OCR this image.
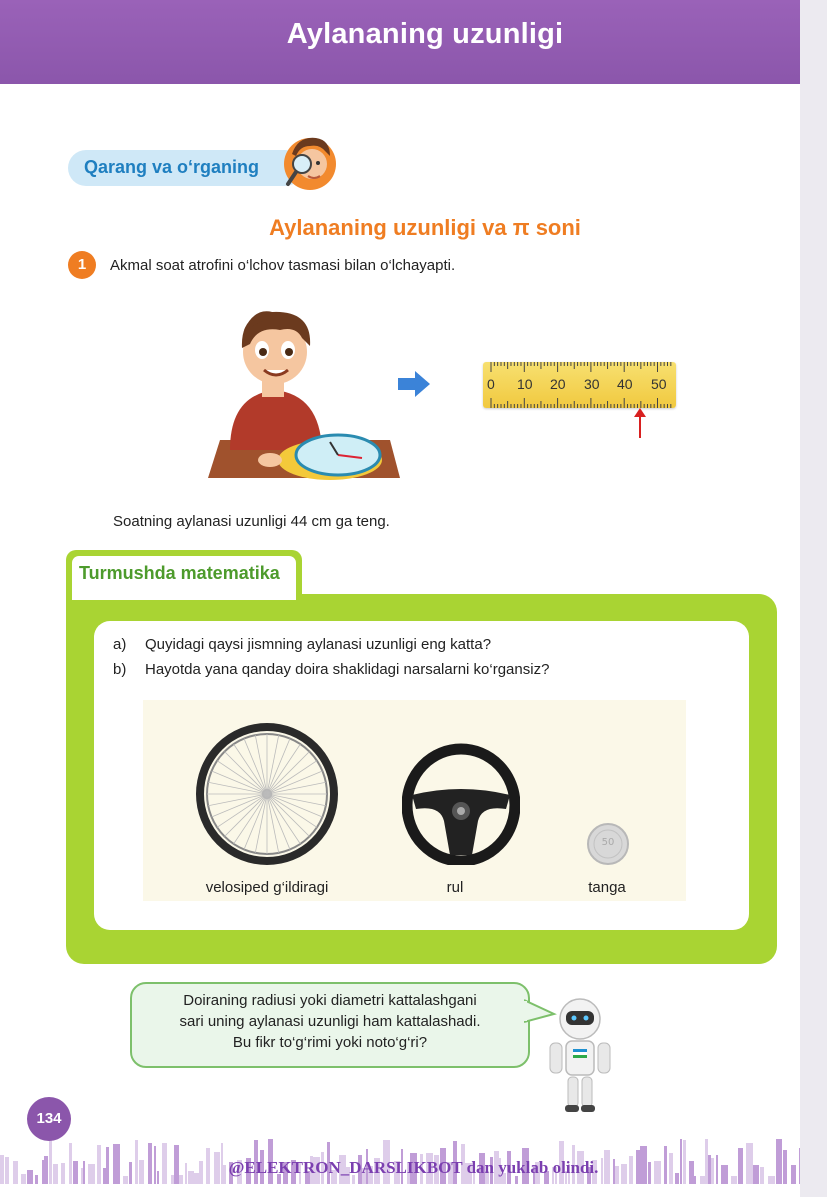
Aylananing uzunligi
Qarang va o‘rganing
Aylananing uzunligi va π soni
1	Akmal soat atrofini o‘lchov tasmasi bilan o‘lchayapti.
0 10 20 30 40 50
Soatning aylanasi uzunligi 44 cm ga teng.
Turmushda matematika
a) Quyidagi qaysi jismning aylanasi uzunligi eng katta?
b) Hayotda yana qanday doira shaklidagi narsalarni ko‘rgansiz?
velosiped g‘ildiragi	rul
50
tanga
Doiraning radiusi yoki diametri kattalashgani
sari uning aylanasi uzunligi ham kattalashadi.
Bu fikr to‘g‘rimi yoki noto‘g‘ri?
134
@ELEKTRON_DARSLIKBOT dan yuklab olindi.
